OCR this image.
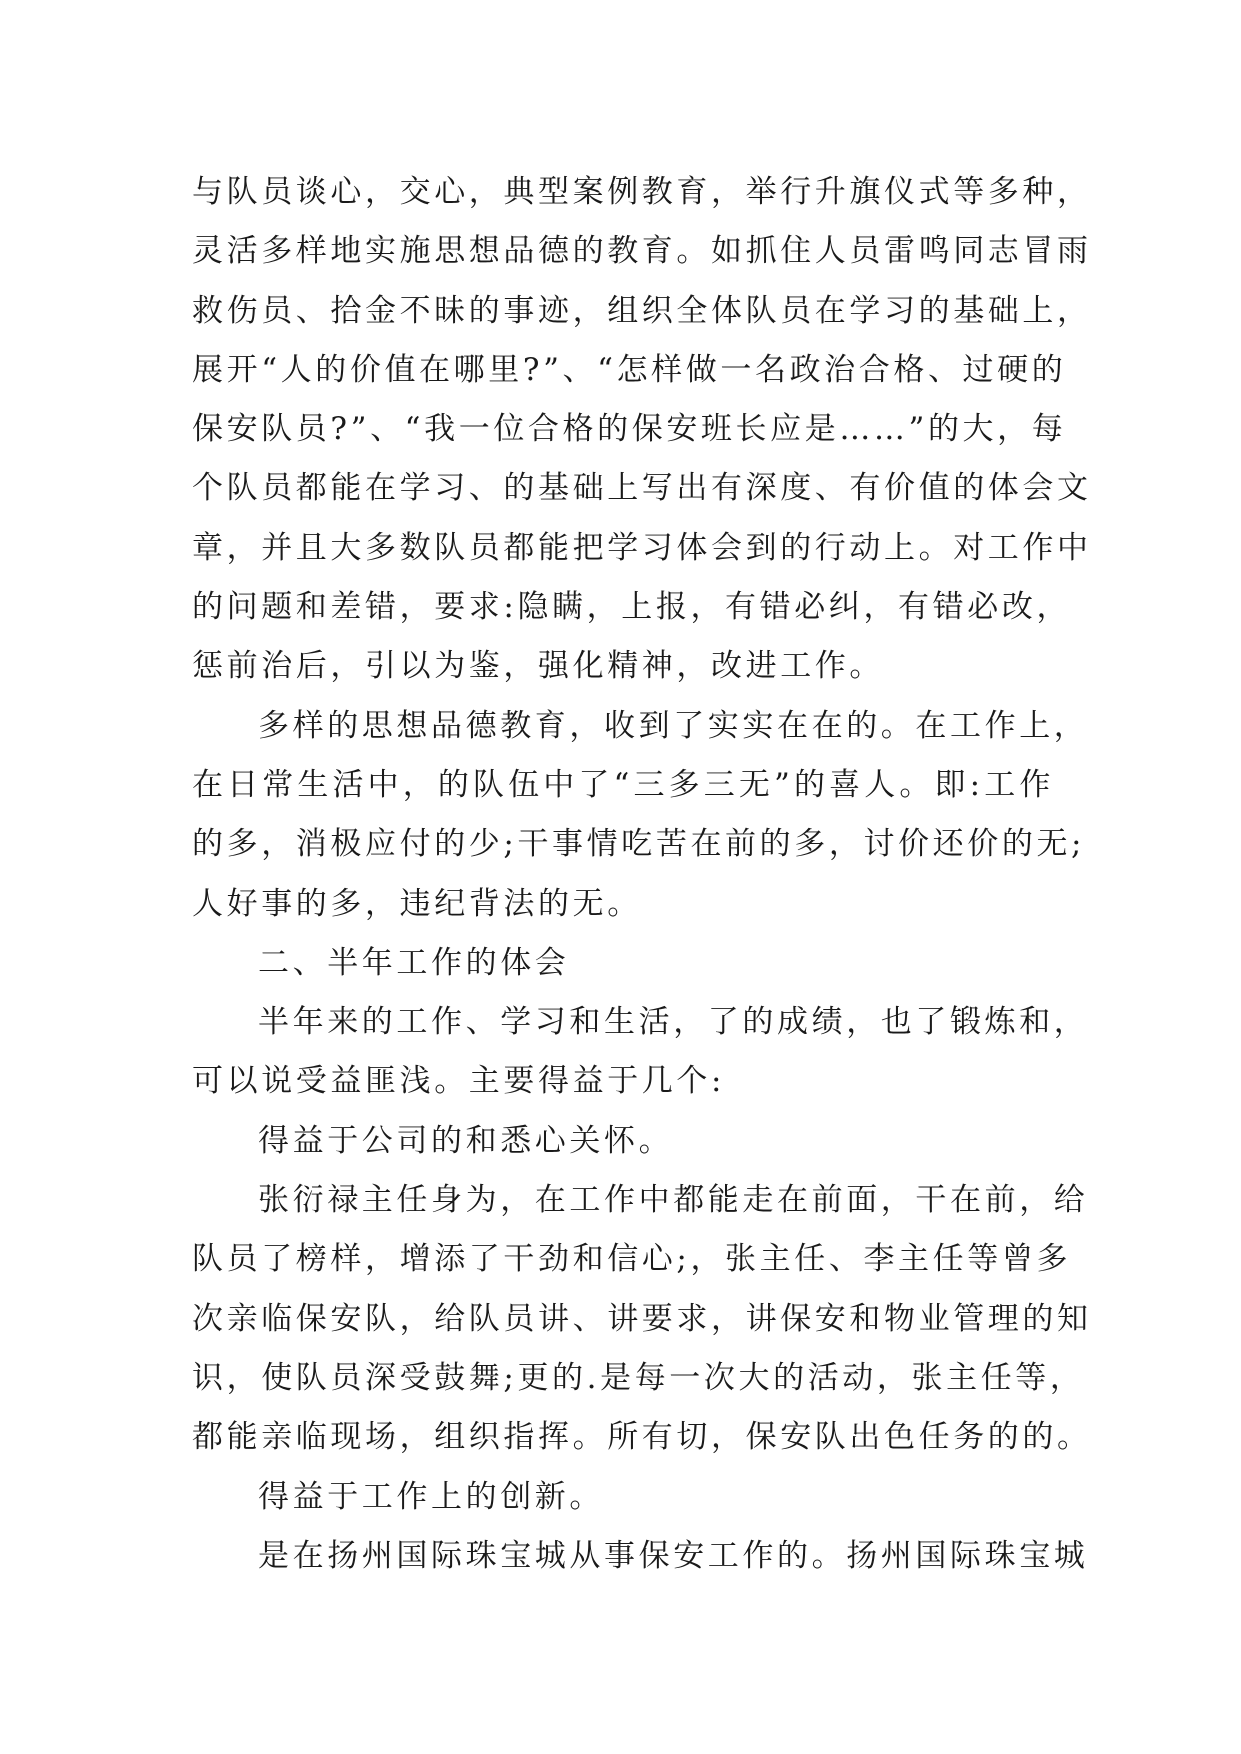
与队员谈心，交心，典型案例教育，举行升旗仪式等多种，
灵活多样地实施思想品德的教育。如抓住人员雷鸣同志冒雨
救伤员、拾金不昧的事迹，组织全体队员在学习的基础上，
展开“人的价值在哪里?”、“怎样做一名政治合格、过硬的
保安队员?”、“我一位合格的保安班长应是……”的大，每
个队员都能在学习、的基础上写出有深度、有价值的体会文
章，并且大多数队员都能把学习体会到的行动上。对工作中
的问题和差错，要求:隐瞒，上报，有错必纠，有错必改，
惩前治后，引以为鉴，强化精神，改进工作。
多样的思想品德教育，收到了实实在在的。在工作上，
在日常生活中，的队伍中了“三多三无”的喜人。即:工作
的多，消极应付的少;干事情吃苦在前的多，讨价还价的无;
人好事的多，违纪背法的无。
二、半年工作的体会
半年来的工作、学习和生活，了的成绩，也了锻炼和，
可以说受益匪浅。主要得益于几个:
得益于公司的和悉心关怀。
张衍禄主任身为，在工作中都能走在前面，干在前，给
队员了榜样，增添了干劲和信心;，张主任、李主任等曾多
次亲临保安队，给队员讲、讲要求，讲保安和物业管理的知
识，使队员深受鼓舞;更的.是每一次大的活动，张主任等，
都能亲临现场，组织指挥。所有切，保安队出色任务的的。
得益于工作上的创新。
是在扬州国际珠宝城从事保安工作的。扬州国际珠宝城
